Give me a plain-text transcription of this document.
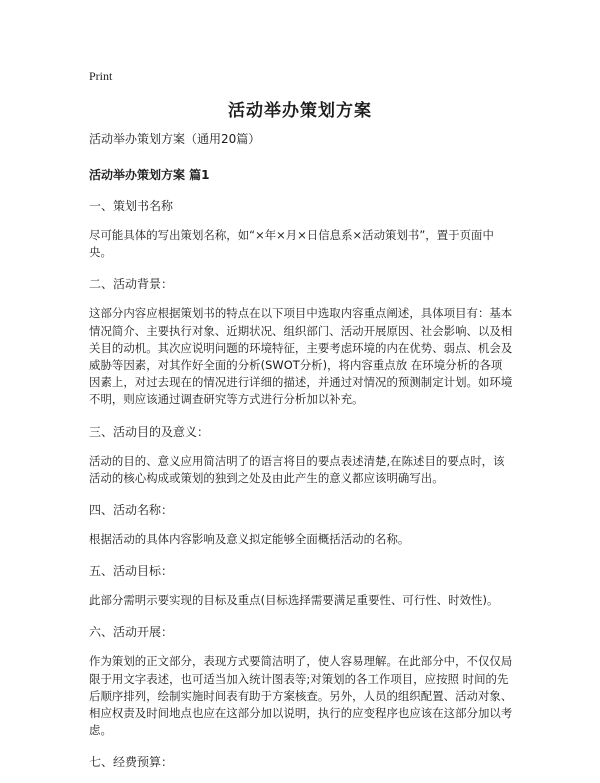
Print
活动举办策划方案

活动举办策划方案（通用20篇）

活动举办策划方案 篇1

一、策划书名称

尽可能具体的写出策划名称，如“×年×月×日信息系×活动策划书”，置于页面中央。

二、活动背景：

这部分内容应根据策划书的特点在以下项目中选取内容重点阐述，具体项目有：基本情况简介、主要执行对象、近期状况、组织部门、活动开展原因、社会影响、以及相关目的动机。其次应说明问题的环境特征，主要考虑环境的内在优势、弱点、机会及威胁等因素，对其作好全面的分析(SWOT分析)，将内容重点放 在环境分析的各项因素上，对过去现在的情况进行详细的描述，并通过对情况的预测制定计划。如环境不明，则应该通过调查研究等方式进行分析加以补充。

三、活动目的及意义：

活动的目的、意义应用简洁明了的语言将目的要点表述清楚,在陈述目的要点时，该活动的核心构成或策划的独到之处及由此产生的意义都应该明确写出。

四、活动名称：

根据活动的具体内容影响及意义拟定能够全面概括活动的名称。

五、活动目标：

此部分需明示要实现的目标及重点(目标选择需要满足重要性、可行性、时效性)。

六、活动开展：

作为策划的正文部分，表现方式要简洁明了，使人容易理解。在此部分中，不仅仅局限于用文字表述，也可适当加入统计图表等;对策划的各工作项目，应按照 时间的先后顺序排列，绘制实施时间表有助于方案核查。另外，人员的组织配置、活动对象、相应权责及时间地点也应在这部分加以说明，执行的应变程序也应该在这部分加以考虑。

七、经费预算：
